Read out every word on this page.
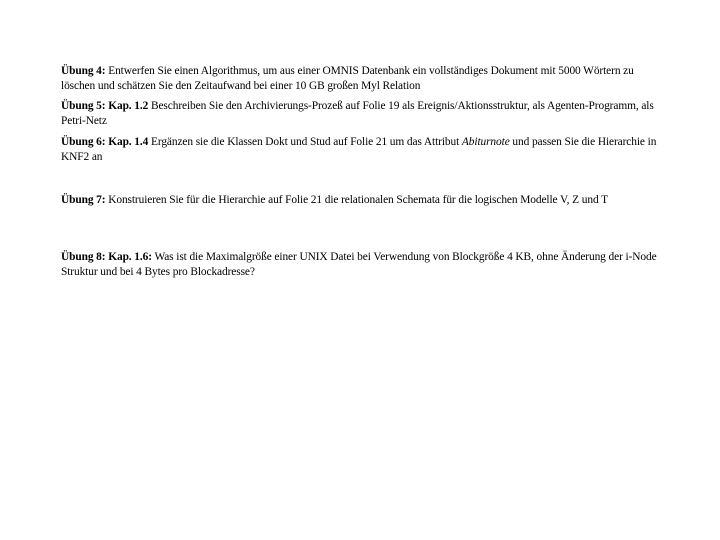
Übung 4: Entwerfen Sie einen Algorithmus, um aus einer OMNIS Datenbank ein vollständiges Dokument mit 5000 Wörtern zu löschen und schätzen Sie den Zeitaufwand bei einer 10 GB großen Myl Relation

Übung 5: Kap. 1.2 Beschreiben Sie den Archivierungs-Prozeß auf Folie 19 als Ereignis/Aktionsstruktur, als Agenten-Programm, als Petri-Netz

Übung 6: Kap. 1.4 Ergänzen sie die Klassen Dokt und Stud auf Folie 21 um das Attribut Abiturnote und passen Sie die Hierarchie in KNF2 an

Übung 7: Konstruieren Sie für die Hierarchie auf Folie 21 die relationalen Schemata für die logischen Modelle V, Z und T

Übung 8: Kap. 1.6: Was ist die Maximalgröße einer UNIX Datei bei Verwendung von Blockgröße 4 KB, ohne Änderung der i-Node Struktur und bei 4 Bytes pro Blockadresse?
